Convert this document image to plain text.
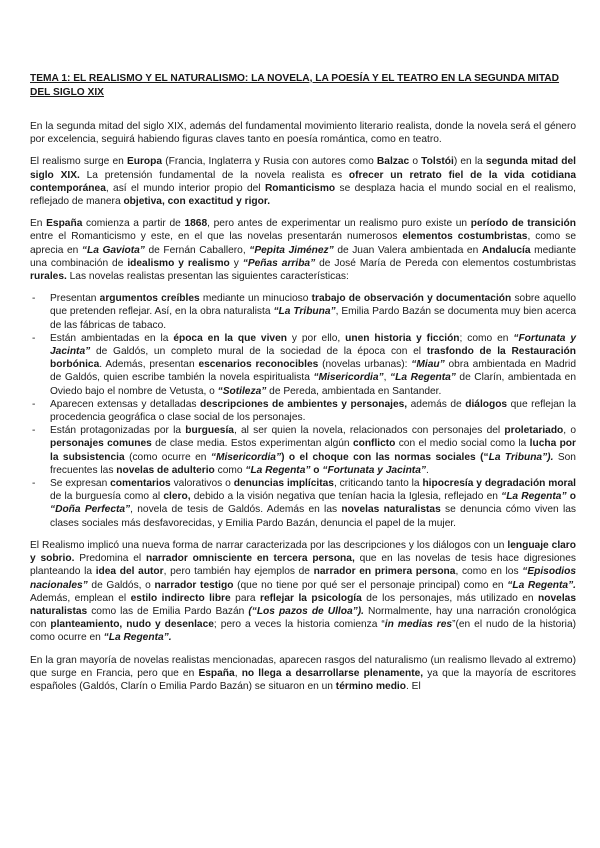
TEMA 1: EL REALISMO Y EL NATURALISMO: LA NOVELA, LA POESÍA Y EL TEATRO EN LA SEGUNDA MITAD DEL SIGLO XIX

En la segunda mitad del siglo XIX, además del fundamental movimiento literario realista, donde la novela será el género por excelencia, seguirá habiendo figuras claves tanto en poesía romántica, como en teatro.

El realismo surge en Europa (Francia, Inglaterra y Rusia con autores como Balzac o Tolstói) en la segunda mitad del siglo XIX. La pretensión fundamental de la novela realista es ofrecer un retrato fiel de la vida cotidiana contemporánea, así el mundo interior propio del Romanticismo se desplaza hacia el mundo social en el realismo, reflejado de manera objetiva, con exactitud y rigor.

En España comienza a partir de 1868, pero antes de experimentar un realismo puro existe un período de transición entre el Romanticismo y este, en el que las novelas presentarán numerosos elementos costumbristas, como se aprecia en “La Gaviota” de Fernán Caballero, “Pepita Jiménez” de Juan Valera ambientada en Andalucía mediante una combinación de idealismo y realismo y “Peñas arriba” de José María de Pereda con elementos costumbristas rurales. Las novelas realistas presentan las siguientes características:

- Presentan argumentos creíbles mediante un minucioso trabajo de observación y documentación sobre aquello que pretenden reflejar. Así, en la obra naturalista “La Tribuna”, Emilia Pardo Bazán se documenta muy bien acerca de las fábricas de tabaco.
- Están ambientadas en la época en la que viven y por ello, unen historia y ficción; como en “Fortunata y Jacinta” de Galdós, un completo mural de la sociedad de la época con el trasfondo de la Restauración borbónica. Además, presentan escenarios reconocibles (novelas urbanas): “Miau” obra ambientada en Madrid de Galdós, quien escribe también la novela espiritualista “Misericordia”, “La Regenta” de Clarín, ambientada en Oviedo bajo el nombre de Vetusta, o “Sotileza” de Pereda, ambientada en Santander.
- Aparecen extensas y detalladas descripciones de ambientes y personajes, además de diálogos que reflejan la procedencia geográfica o clase social de los personajes.
- Están protagonizadas por la burguesía, al ser quien la novela, relacionados con personajes del proletariado, o personajes comunes de clase media. Estos experimentan algún conflicto con el medio social como la lucha por la subsistencia (como ocurre en “Misericordia”) o el choque con las normas sociales (“La Tribuna”). Son frecuentes las novelas de adulterio como “La Regenta” o “Fortunata y Jacinta”.
- Se expresan comentarios valorativos o denuncias implícitas, criticando tanto la hipocresía y degradación moral de la burguesía como al clero, debido a la visión negativa que tenían hacia la Iglesia, reflejado en “La Regenta” o “Doña Perfecta”, novela de tesis de Galdós. Además en las novelas naturalistas se denuncia cómo viven las clases sociales más desfavorecidas, y Emilia Pardo Bazán, denuncia el papel de la mujer.

El Realismo implicó una nueva forma de narrar caracterizada por las descripciones y los diálogos con un lenguaje claro y sobrio. Predomina el narrador omnisciente en tercera persona, que en las novelas de tesis hace digresiones planteando la idea del autor, pero también hay ejemplos de narrador en primera persona, como en los “Episodios nacionales” de Galdós, o narrador testigo (que no tiene por qué ser el personaje principal) como en “La Regenta”. Además, emplean el estilo indirecto libre para reflejar la psicología de los personajes, más utilizado en novelas naturalistas como las de Emilia Pardo Bazán (“Los pazos de Ulloa”). Normalmente, hay una narración cronológica con planteamiento, nudo y desenlace; pero a veces la historia comienza “in medias res”(en el nudo de la historia) como ocurre en “La Regenta”.

En la gran mayoría de novelas realistas mencionadas, aparecen rasgos del naturalismo (un realismo llevado al extremo) que surge en Francia, pero que en España, no llega a desarrollarse plenamente, ya que la mayoría de escritores españoles (Galdós, Clarín o Emilia Pardo Bazán) se situaron en un término medio. El
